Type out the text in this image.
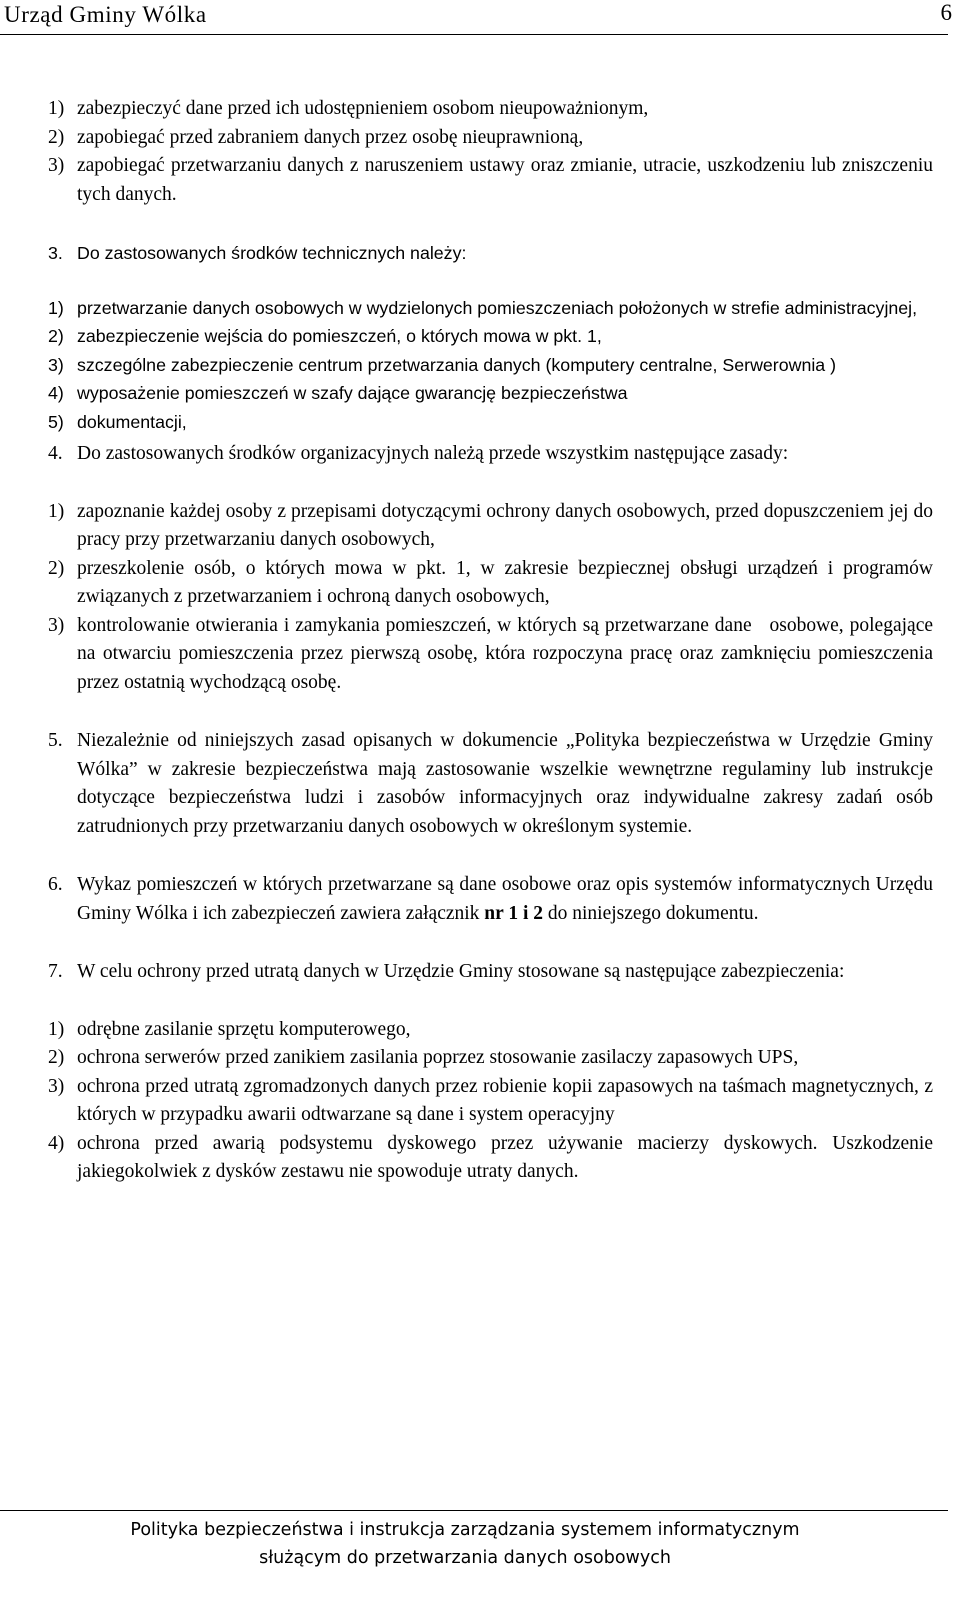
Urząd Gminy Wólka	6
1) zabezpieczyć dane przed ich udostępnieniem osobom nieupoważnionym,
2) zapobiegać przed zabraniem danych przez osobę nieuprawnioną,
3) zapobiegać przetwarzaniu danych z naruszeniem ustawy oraz zmianie, utracie, uszkodzeniu lub zniszczeniu tych danych.
3. Do zastosowanych środków technicznych należy:
1) przetwarzanie danych osobowych w wydzielonych pomieszczeniach położonych w strefie administracyjnej,
2) zabezpieczenie wejścia do pomieszczeń, o których mowa w pkt. 1,
3) szczególne zabezpieczenie centrum przetwarzania danych (komputery centralne, Serwerownia )
4) wyposażenie pomieszczeń w szafy dające gwarancję bezpieczeństwa
5) dokumentacji,
4. Do zastosowanych środków organizacyjnych należą przede wszystkim następujące zasady:
1) zapoznanie każdej osoby z przepisami dotyczącymi ochrony danych osobowych, przed dopuszczeniem jej do pracy przy przetwarzaniu danych osobowych,
2) przeszkolenie osób, o których mowa w pkt. 1, w zakresie bezpiecznej obsługi urządzeń i programów związanych z przetwarzaniem i ochroną danych osobowych,
3) kontrolowanie otwierania i zamykania pomieszczeń, w których są przetwarzane dane   osobowe, polegające na otwarciu pomieszczenia przez pierwszą osobę, która rozpoczyna pracę oraz zamknięciu pomieszczenia przez ostatnią wychodzącą osobę.
5. Niezależnie od niniejszych zasad opisanych w dokumencie „Polityka bezpieczeństwa w Urzędzie Gminy Wólka” w zakresie bezpieczeństwa mają zastosowanie wszelkie wewnętrzne regulaminy lub instrukcje dotyczące bezpieczeństwa ludzi i zasobów informacyjnych oraz indywidualne zakresy zadań osób zatrudnionych przy przetwarzaniu danych osobowych w określonym systemie.
6. Wykaz pomieszczeń w których przetwarzane są dane osobowe oraz opis systemów informatycznych Urzędu Gminy Wólka i ich zabezpieczeń zawiera załącznik nr 1 i 2 do niniejszego dokumentu.
7. W celu ochrony przed utratą danych w Urzędzie Gminy stosowane są następujące zabezpieczenia:
1) odrębne zasilanie sprzętu komputerowego,
2) ochrona serwerów przed zanikiem zasilania poprzez stosowanie zasilaczy zapasowych UPS,
3) ochrona przed utratą zgromadzonych danych przez robienie kopii zapasowych na taśmach magnetycznych, z których w przypadku awarii odtwarzane są dane i system operacyjny
4) ochrona przed awarią podsystemu dyskowego przez używanie macierzy dyskowych. Uszkodzenie jakiegokolwiek z dysków zestawu nie spowoduje utraty danych.
Polityka bezpieczeństwa i instrukcja zarządzania systemem informatycznym
służącym do przetwarzania danych osobowych
